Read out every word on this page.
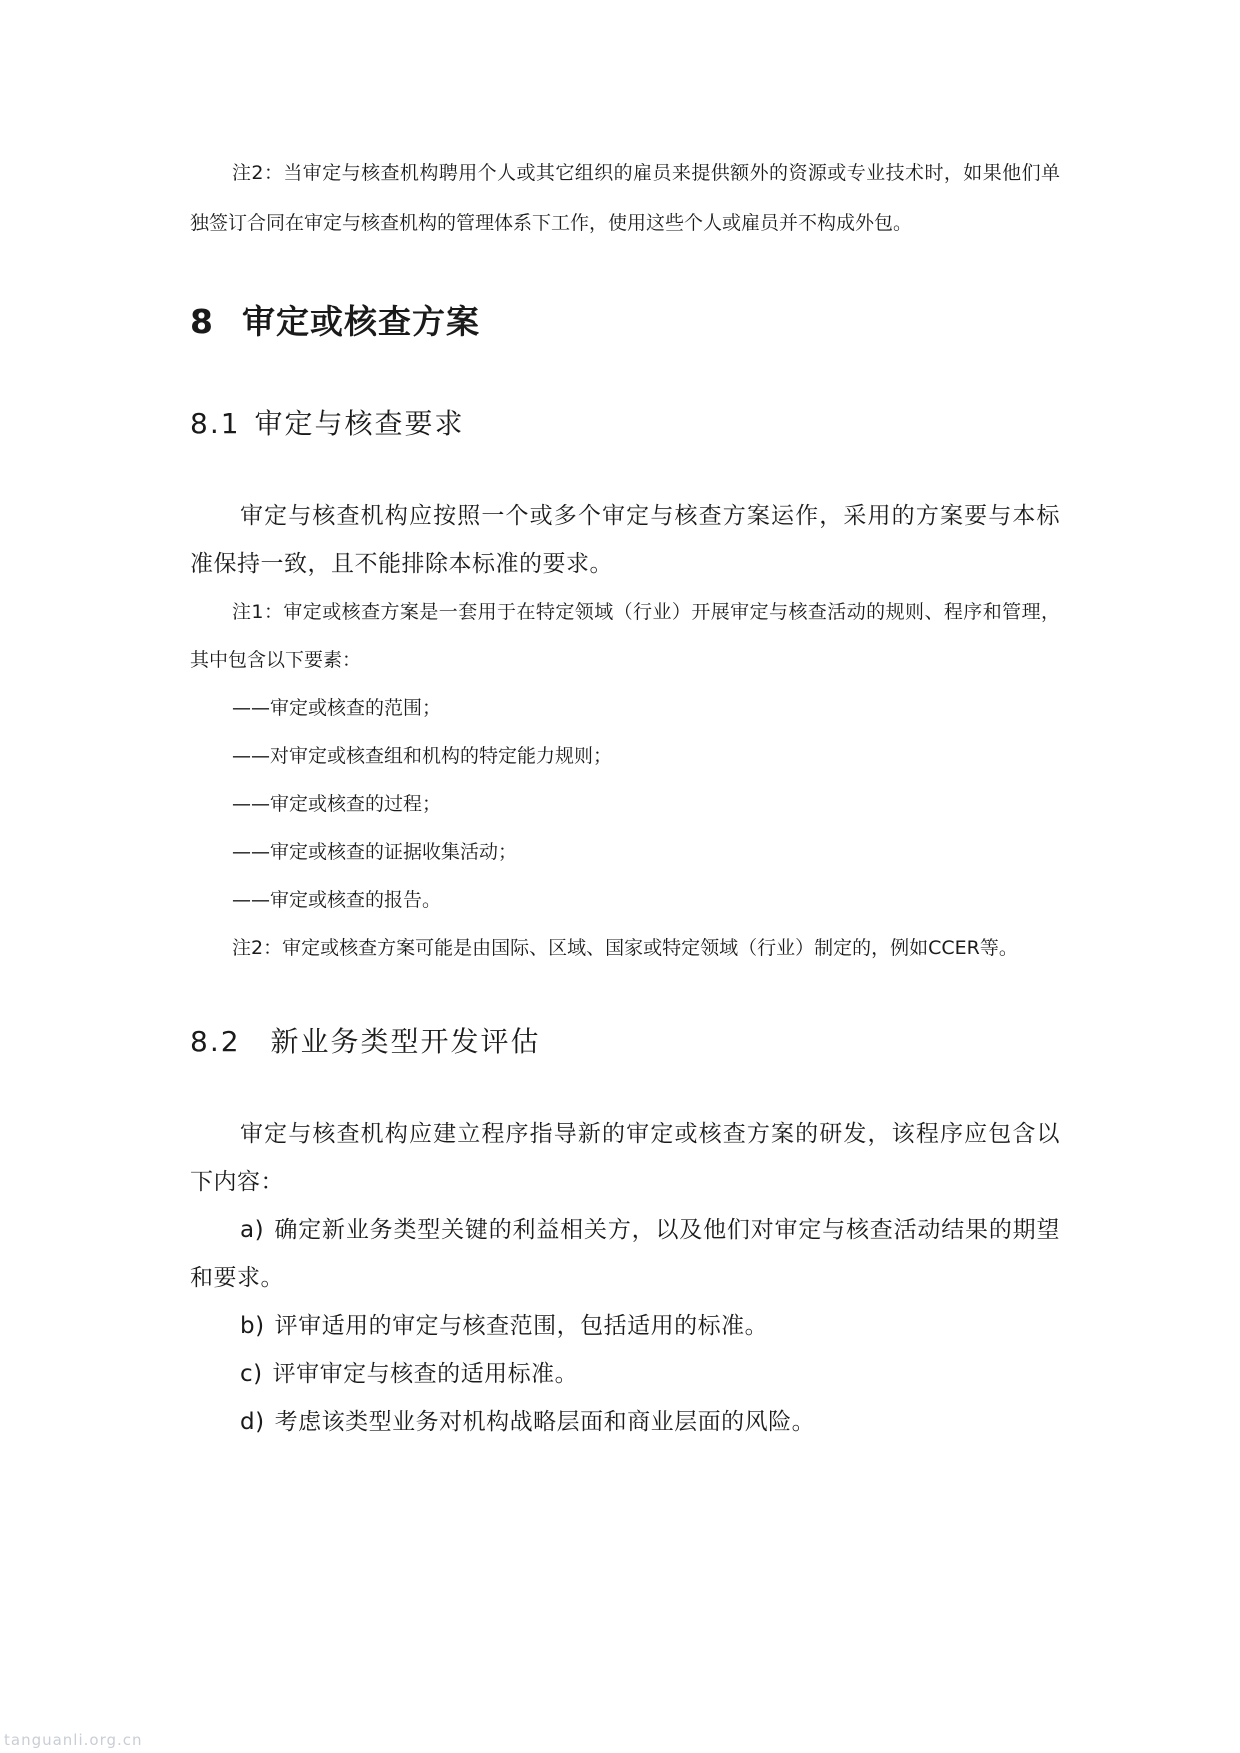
注2：当审定与核查机构聘用个人或其它组织的雇员来提供额外的资源或专业技术时，如果他们单独签订合同在审定与核查机构的管理体系下工作，使用这些个人或雇员并不构成外包。

8 审定或核查方案
8.1 审定与核查要求

审定与核查机构应按照一个或多个审定与核查方案运作，采用的方案要与本标准保持一致，且不能排除本标准的要求。

注1：审定或核查方案是一套用于在特定领域（行业）开展审定与核查活动的规则、程序和管理，其中包含以下要素：

——审定或核查的范围；

——对审定或核查组和机构的特定能力规则；

——审定或核查的过程；

——审定或核查的证据收集活动；

——审定或核查的报告。

注2：审定或核查方案可能是由国际、区域、国家或特定领域（行业）制定的，例如CCER等。

8.2 新业务类型开发评估

审定与核查机构应建立程序指导新的审定或核查方案的研发，该程序应包含以下内容：

a) 确定新业务类型关键的利益相关方，以及他们对审定与核查活动结果的期望和要求。

b) 评审适用的审定与核查范围，包括适用的标准。

c) 评审审定与核查的适用标准。

d) 考虑该类型业务对机构战略层面和商业层面的风险。

tanguanli.org.cn
